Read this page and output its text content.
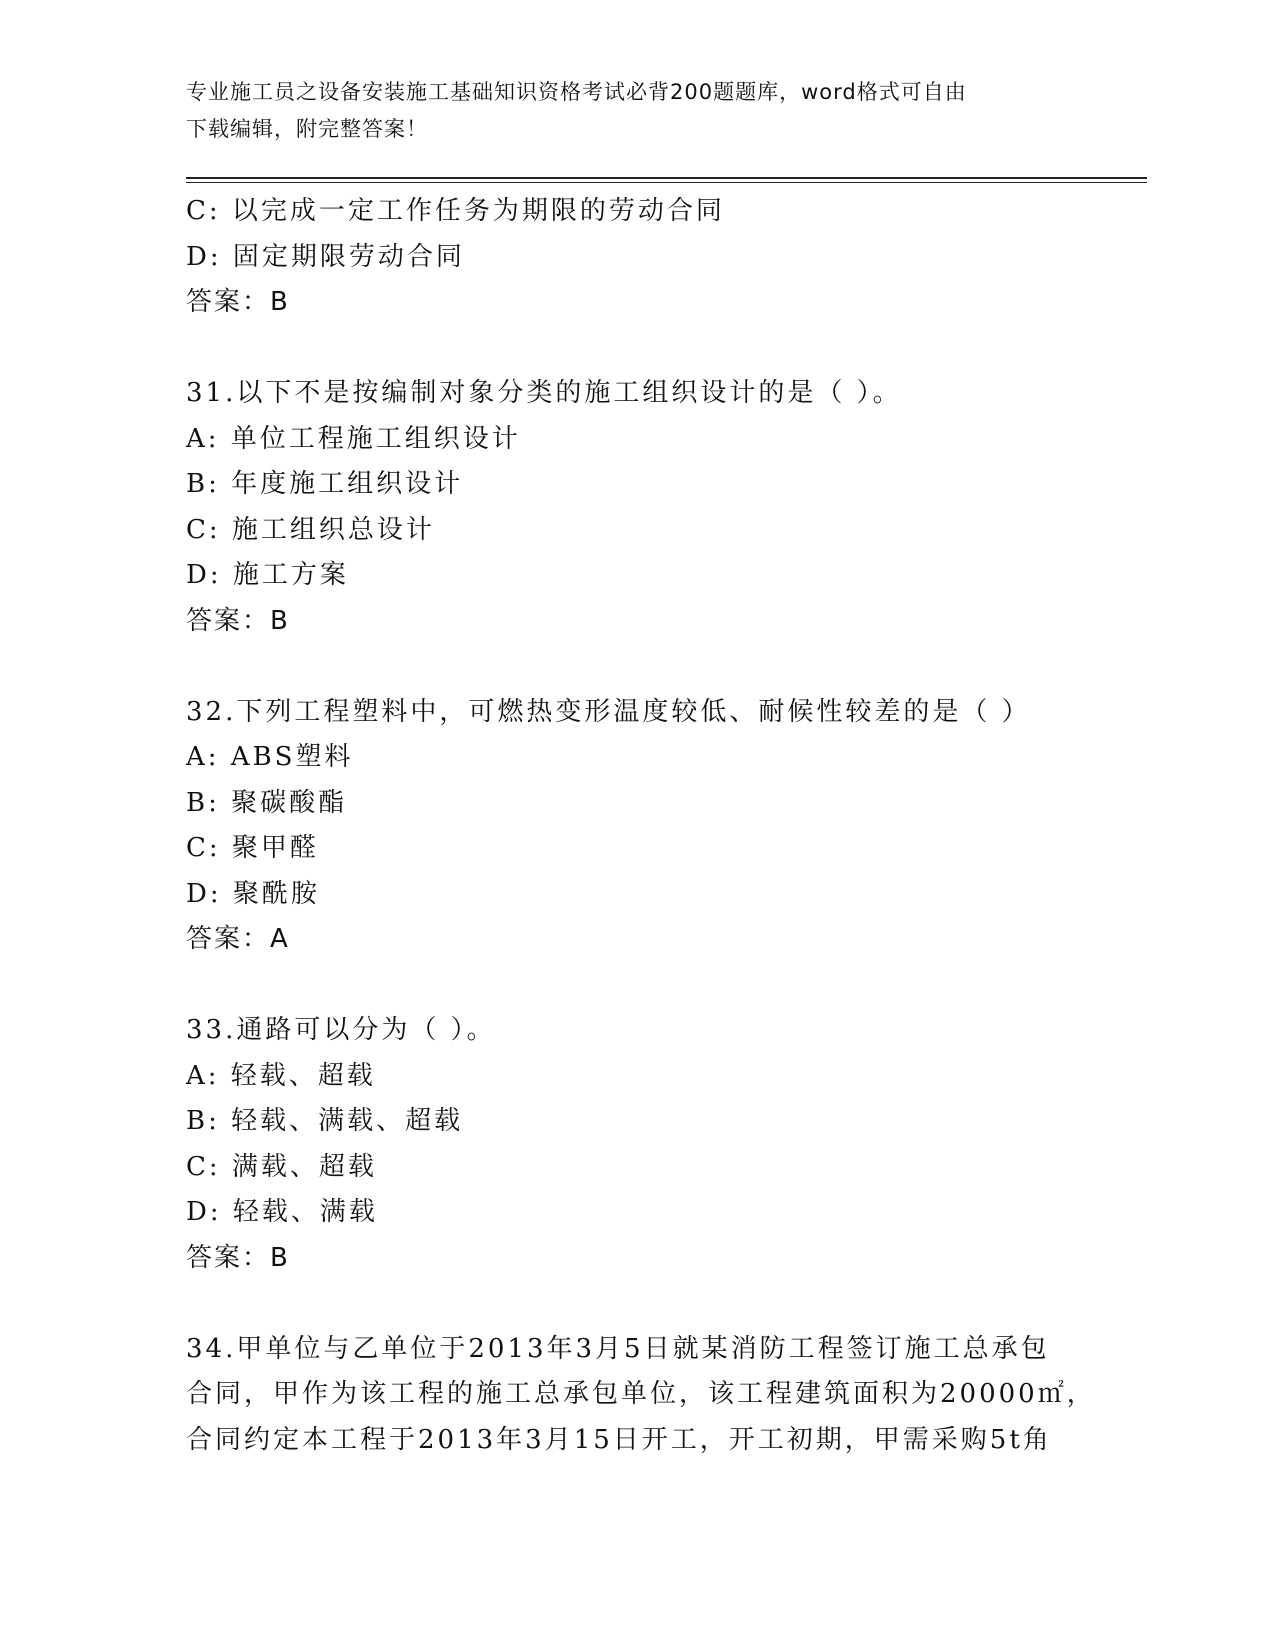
专业施工员之设备安装施工基础知识资格考试必背200题题库，word格式可自由
下载编辑，附完整答案！
C: 以完成一定工作任务为期限的劳动合同
D: 固定期限劳动合同
答案：B
31.以下不是按编制对象分类的施工组织设计的是（ ）。
A: 单位工程施工组织设计
B: 年度施工组织设计
C: 施工组织总设计
D: 施工方案
答案：B
32.下列工程塑料中，可燃热变形温度较低、耐候性较差的是（ ）
A: ABS塑料
B: 聚碳酸酯
C: 聚甲醛
D: 聚酰胺
答案：A
33.通路可以分为（ ）。
A: 轻载、超载
B: 轻载、满载、超载
C: 满载、超载
D: 轻载、满载
答案：B
34.甲单位与乙单位于2013年3月5日就某消防工程签订施工总承包
合同，甲作为该工程的施工总承包单位，该工程建筑面积为20000㎡，
合同约定本工程于2013年3月15日开工，开工初期，甲需采购5t角
